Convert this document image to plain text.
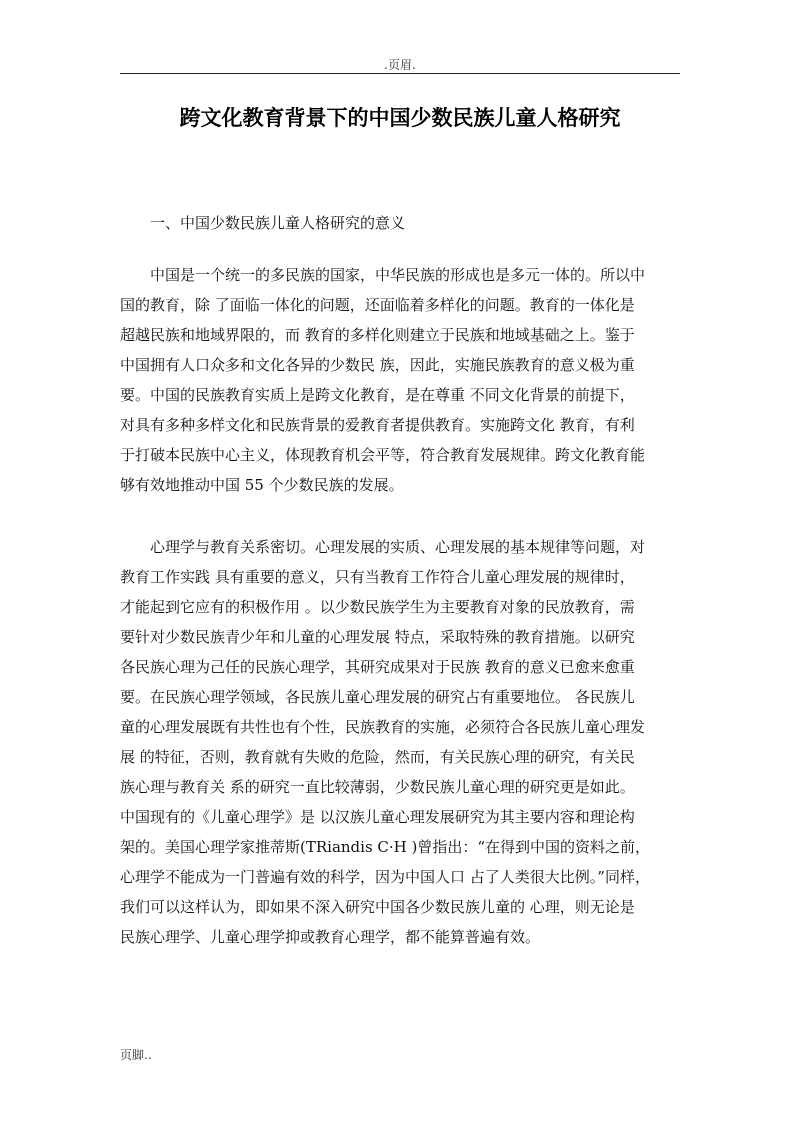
.页眉.
跨文化教育背景下的中国少数民族儿童人格研究
一、中国少数民族儿童人格研究的意义
中国是一个统一的多民族的国家，中华民族的形成也是多元一体的。所以中
国的教育，除 了面临一体化的问题，还面临着多样化的问题。教育的一体化是
超越民族和地域界限的，而 教育的多样化则建立于民族和地域基础之上。鉴于
中国拥有人口众多和文化各异的少数民 族，因此，实施民族教育的意义极为重
要。中国的民族教育实质上是跨文化教育，是在尊重 不同文化背景的前提下，
对具有多种多样文化和民族背景的爱教育者提供教育。实施跨文化 教育，有利
于打破本民族中心主义，体现教育机会平等，符合教育发展规律。跨文化教育能
够有效地推动中国 55 个少数民族的发展。
心理学与教育关系密切。心理发展的实质、心理发展的基本规律等问题，对
教育工作实践 具有重要的意义，只有当教育工作符合儿童心理发展的规律时，
才能起到它应有的积极作用 。以少数民族学生为主要教育对象的民放教育，需
要针对少数民族青少年和儿童的心理发展 特点，采取特殊的教育措施。以研究
各民族心理为己任的民族心理学，其研究成果对于民族 教育的意义已愈来愈重
要。在民族心理学领域，各民族儿童心理发展的研究占有重要地位。 各民族儿
童的心理发展既有共性也有个性，民族教育的实施，必须符合各民族儿童心理发
展 的特征，否则，教育就有失败的危险，然而，有关民族心理的研究，有关民
族心理与教育关 系的研究一直比较薄弱，少数民族儿童心理的研究更是如此。
中国现有的《儿童心理学》是 以汉族儿童心理发展研究为其主要内容和理论构
架的。美国心理学家推蒂斯(TRiandis C·H )曾指出：“在得到中国的资料之前，
心理学不能成为一门普遍有效的科学，因为中国人口 占了人类很大比例。”同样，
我们可以这样认为，即如果不深入研究中国各少数民族儿童的 心理，则无论是
民族心理学、儿童心理学抑或教育心理学，都不能算普遍有效。
页脚..
